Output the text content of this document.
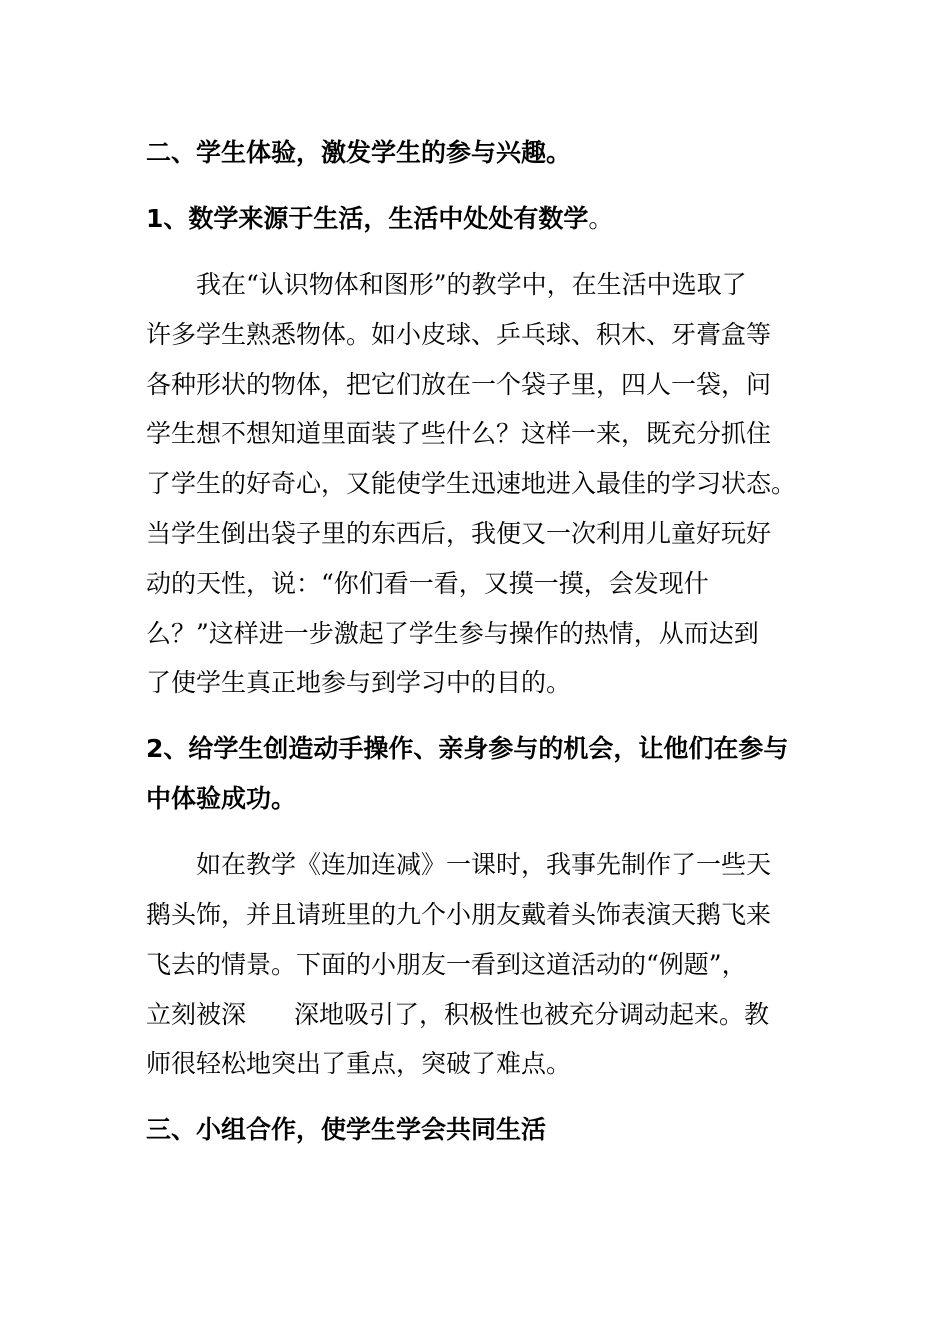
二、学生体验，激发学生的参与兴趣。
1、数学来源于生活，生活中处处有数学。
我在“认识物体和图形”的教学中，在生活中选取了
许多学生熟悉物体。如小皮球、乒乓球、积木、牙膏盒等
各种形状的物体，把它们放在一个袋子里，四人一袋，问
学生想不想知道里面装了些什么？这样一来，既充分抓住
了学生的好奇心，又能使学生迅速地进入最佳的学习状态。
当学生倒出袋子里的东西后，我便又一次利用儿童好玩好
动的天性，说：“你们看一看，又摸一摸，会发现什
么？”这样进一步激起了学生参与操作的热情，从而达到
了使学生真正地参与到学习中的目的。
2、给学生创造动手操作、亲身参与的机会，让他们在参与
中体验成功。
如在教学《连加连减》一课时，我事先制作了一些天
鹅头饰，并且请班里的九个小朋友戴着头饰表演天鹅飞来
飞去的情景。下面的小朋友一看到这道活动的“例题”，
立刻被深 深地吸引了，积极性也被充分调动起来。教
师很轻松地突出了重点，突破了难点。
三、小组合作，使学生学会共同生活
